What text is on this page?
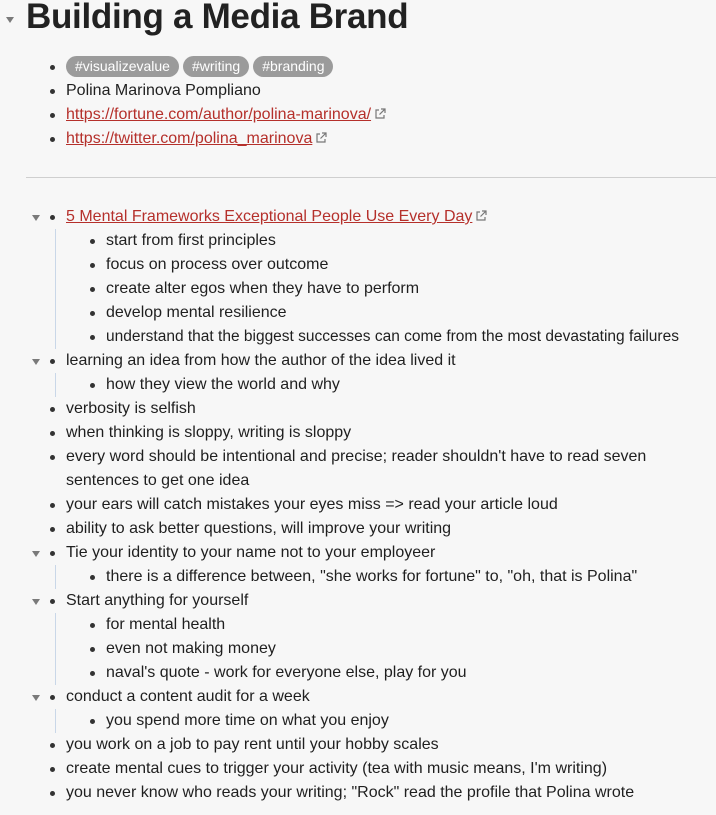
Building a Media Brand
#visualizevalue #writing #branding
Polina Marinova Pompliano
https://fortune.com/author/polina-marinova/
https://twitter.com/polina_marinova
5 Mental Frameworks Exceptional People Use Every Day
start from first principles
focus on process over outcome
create alter egos when they have to perform
develop mental resilience
understand that the biggest successes can come from the most devastating failures
learning an idea from how the author of the idea lived it
how they view the world and why
verbosity is selfish
when thinking is sloppy, writing is sloppy
every word should be intentional and precise; reader shouldn't have to read seven
sentences to get one idea
your ears will catch mistakes your eyes miss => read your article loud
ability to ask better questions, will improve your writing
Tie your identity to your name not to your employeer
there is a difference between, "she works for fortune" to, "oh, that is Polina"
Start anything for yourself
for mental health
even not making money
naval's quote - work for everyone else, play for you
conduct a content audit for a week
you spend more time on what you enjoy
you work on a job to pay rent until your hobby scales
create mental cues to trigger your activity (tea with music means, I'm writing)
you never know who reads your writing; "Rock" read the profile that Polina wrote
